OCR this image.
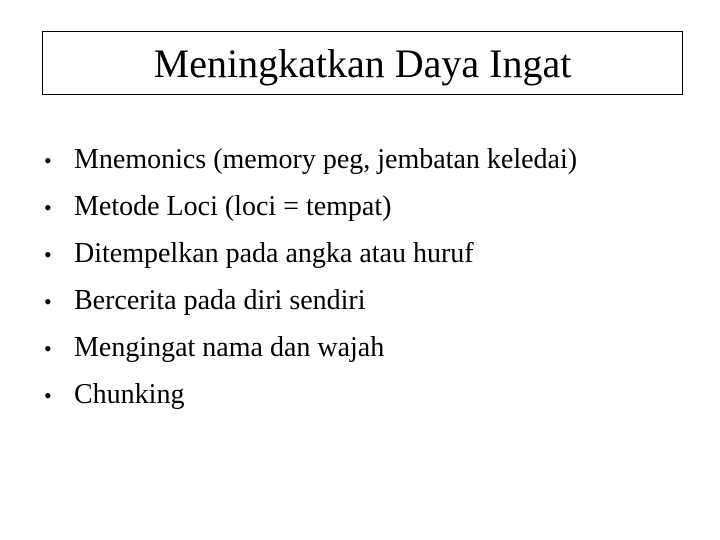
Meningkatkan Daya Ingat
• Mnemonics (memory peg, jembatan keledai)
• Metode Loci (loci = tempat)
• Ditempelkan pada angka atau huruf
• Bercerita pada diri sendiri
• Mengingat nama dan wajah
• Chunking
